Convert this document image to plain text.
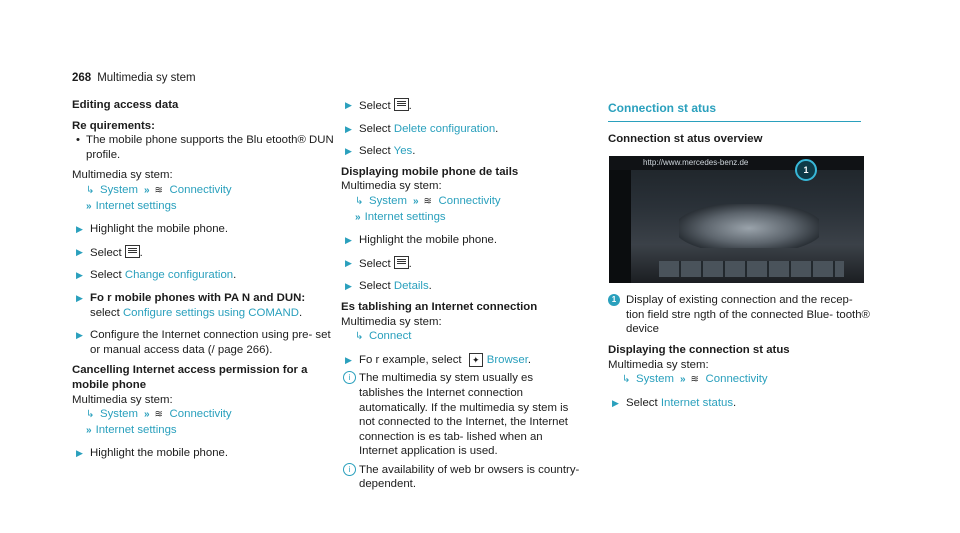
268 Multimedia sy stem
Editing access data
Re quirements:
• The mobile phone supports the Blu etooth® DUN profile.
Multimedia sy stem:
↳ System » ≋ Connectivity
» Internet settings
▶ Highlight the mobile phone.
▶ Select .
▶ Select Change configuration.
▶ Fo r mobile phones with PA N and DUN:
select Configure settings using COMAND.
▶ Configure the Internet connection using pre‐ set or manual access data (/ page 266).
Cancelling Internet access permission for a mobile phone
Multimedia sy stem:
↳ System » ≋ Connectivity
» Internet settings
▶ Highlight the mobile phone.
▶ Select .
▶ Select Delete configuration.
▶ Select Yes.
Displaying mobile phone de tails
Multimedia sy stem:
↳ System » ≋ Connectivity
» Internet settings
▶ Highlight the mobile phone.
▶ Select .
▶ Select Details.
Es tablishing an Internet connection
Multimedia sy stem:
↳ Connect
▶ Fo r example, select ✦ Browser.
i The multimedia sy stem usually es tablishes the Internet connection automatically. If the multimedia sy stem is not connected to the Internet, the Internet connection is es tab‐ lished when an Internet application is used.
i The availability of web br owsers is country- dependent.
Connection st atus
Connection st atus overview
http://www.mercedes-benz.de
1
1 Display of existing connection and the recep‐ tion field stre ngth of the connected Blue‐ tooth® device
Displaying the connection st atus
Multimedia sy stem:
↳ System » ≋ Connectivity
▶ Select Internet status.
